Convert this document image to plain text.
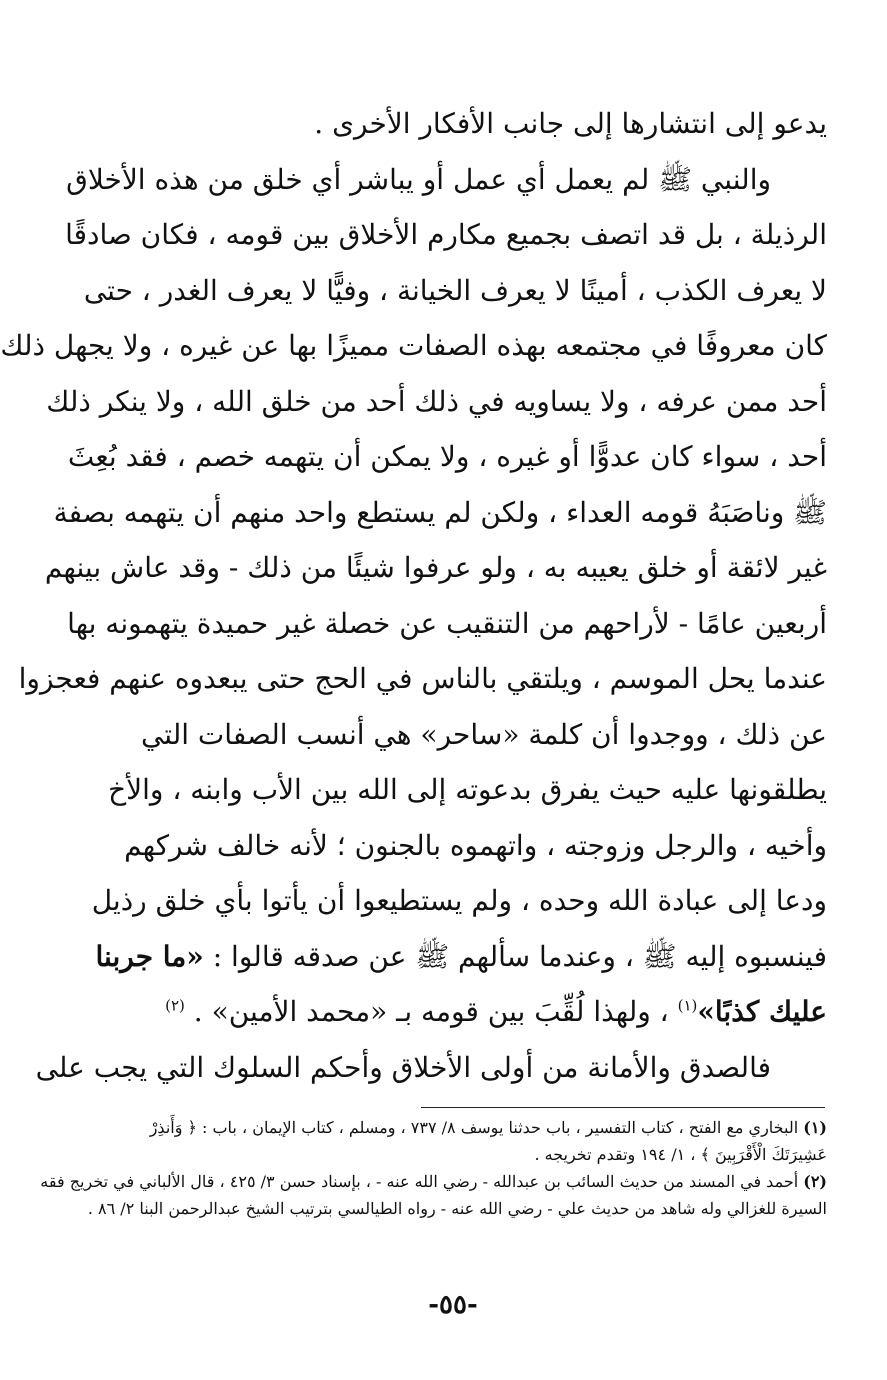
يدعو إلى انتشارها إلى جانب الأفكار الأخرى .

والنبي ﷺ لم يعمل أي عمل أو يباشر أي خلق من هذه الأخلاق

الرذيلة ، بل قد اتصف بجميع مكارم الأخلاق بين قومه ، فكان صادقًا
لا يعرف الكذب ، أمينًا لا يعرف الخيانة ، وفيًّا لا يعرف الغدر ، حتى
كان معروفًا في مجتمعه بهذه الصفات مميزًا بها عن غيره ، ولا يجهل ذلك
أحد ممن عرفه ، ولا يساويه في ذلك أحد من خلق الله ، ولا ينكر ذلك
أحد ، سواء كان عدوًّا أو غيره ، ولا يمكن أن يتهمه خصم ، فقد بُعِثَ
ﷺ وناصَبَهُ قومه العداء ، ولكن لم يستطع واحد منهم أن يتهمه بصفة
غير لائقة أو خلق يعيبه به ، ولو عرفوا شيئًا من ذلك - وقد عاش بينهم
أربعين عامًا - لأراحهم من التنقيب عن خصلة غير حميدة يتهمونه بها
عندما يحل الموسم ، ويلتقي بالناس في الحج حتى يبعدوه عنهم فعجزوا
عن ذلك ، ووجدوا أن كلمة «ساحر» هي أنسب الصفات التي
يطلقونها عليه حيث يفرق بدعوته إلى الله بين الأب وابنه ، والأخ
وأخيه ، والرجل وزوجته ، واتهموه بالجنون ؛ لأنه خالف شركهم
ودعا إلى عبادة الله وحده ، ولم يستطيعوا أن يأتوا بأي خلق رذيل
فينسبوه إليه ﷺ ، وعندما سألهم ﷺ عن صدقه قالوا : «ما جربنا
عليك كذبًا»$^{(١)}$ ، ولهذا لُقِّبَ بين قومه بـ «محمد الأمين» . $^{(٢)}$

فالصدق والأمانة من أولى الأخلاق وأحكم السلوك التي يجب على

(١) البخاري مع الفتح ، كتاب التفسير ، باب حدثنا يوسف ٨/ ٧٣٧ ، ومسلم ، كتاب الإيمان ، باب : ﴿ وَأَنذِرْ
عَشِيرَتَكَ الْأَقْرَبِينَ ﴾ ، ١/ ١٩٤ وتقدم تخريجه .

(٢) أحمد في المسند من حديث السائب بن عبدالله - رضي الله عنه - ، بإسناد حسن ٣/ ٤٢٥ ، قال الألباني في تخريج فقه
السيرة للغزالي وله شاهد من حديث علي - رضي الله عنه - رواه الطيالسي بترتيب الشيخ عبدالرحمن البنا ٢/ ٨٦ .

-٥٥-
